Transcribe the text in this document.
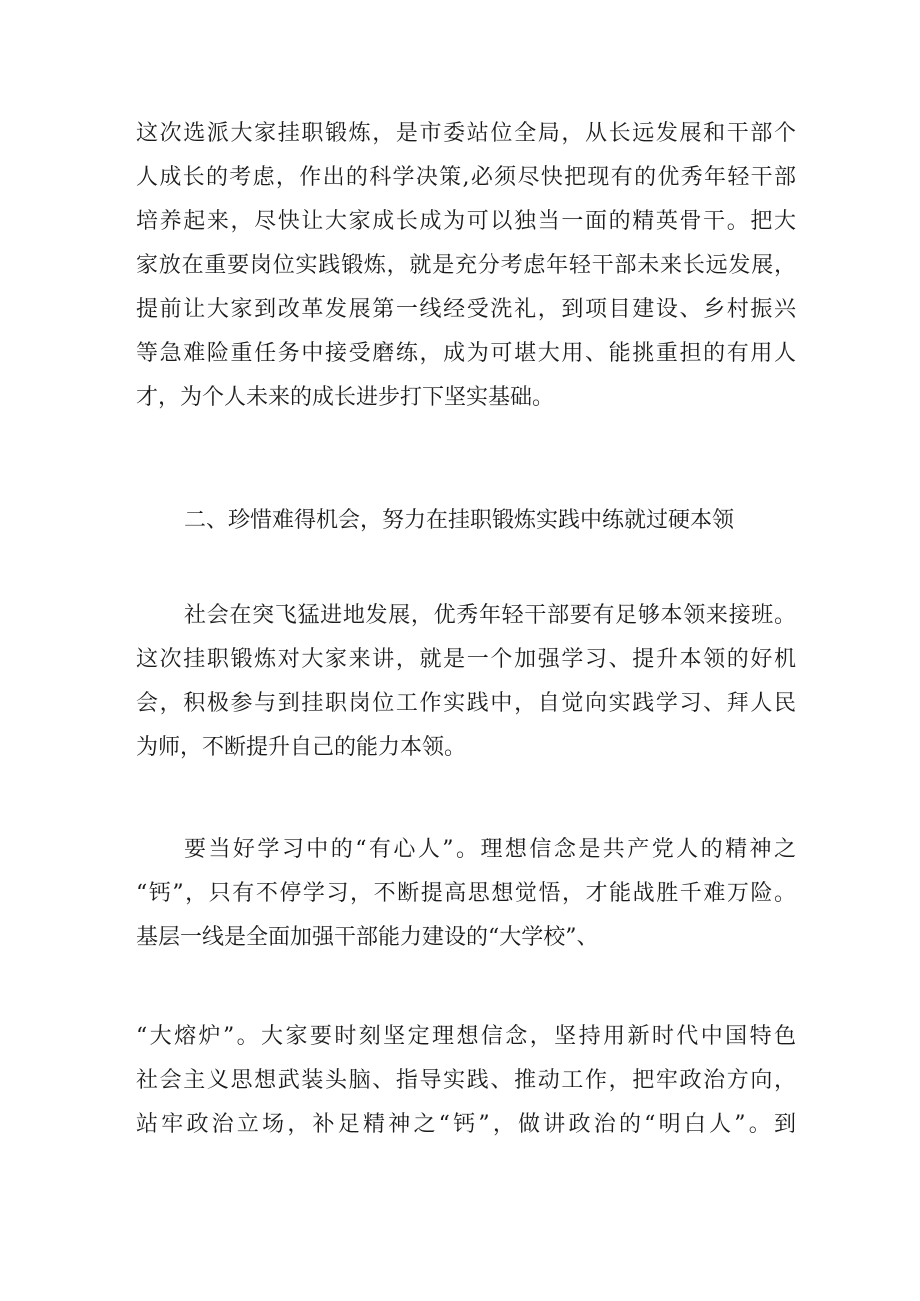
这次选派大家挂职锻炼，是市委站位全局，从长远发展和干部个
人成长的考虑，作出的科学决策,必须尽快把现有的优秀年轻干部
培养起来，尽快让大家成长成为可以独当一面的精英骨干。把大
家放在重要岗位实践锻炼，就是充分考虑年轻干部未来长远发展，
提前让大家到改革发展第一线经受洗礼，到项目建设、乡村振兴
等急难险重任务中接受磨练，成为可堪大用、能挑重担的有用人
才，为个人未来的成长进步打下坚实基础。
二、珍惜难得机会，努力在挂职锻炼实践中练就过硬本领
社会在突飞猛进地发展，优秀年轻干部要有足够本领来接班。
这次挂职锻炼对大家来讲，就是一个加强学习、提升本领的好机
会，积极参与到挂职岗位工作实践中，自觉向实践学习、拜人民
为师，不断提升自己的能力本领。
要当好学习中的“有心人”。理想信念是共产党人的精神之
“钙”，只有不停学习，不断提高思想觉悟，才能战胜千难万险。
基层一线是全面加强干部能力建设的“大学校”、
“大熔炉”。大家要时刻坚定理想信念，坚持用新时代中国特色
社会主义思想武装头脑、指导实践、推动工作，把牢政治方向，
站牢政治立场，补足精神之“钙”，做讲政治的“明白人”。到
